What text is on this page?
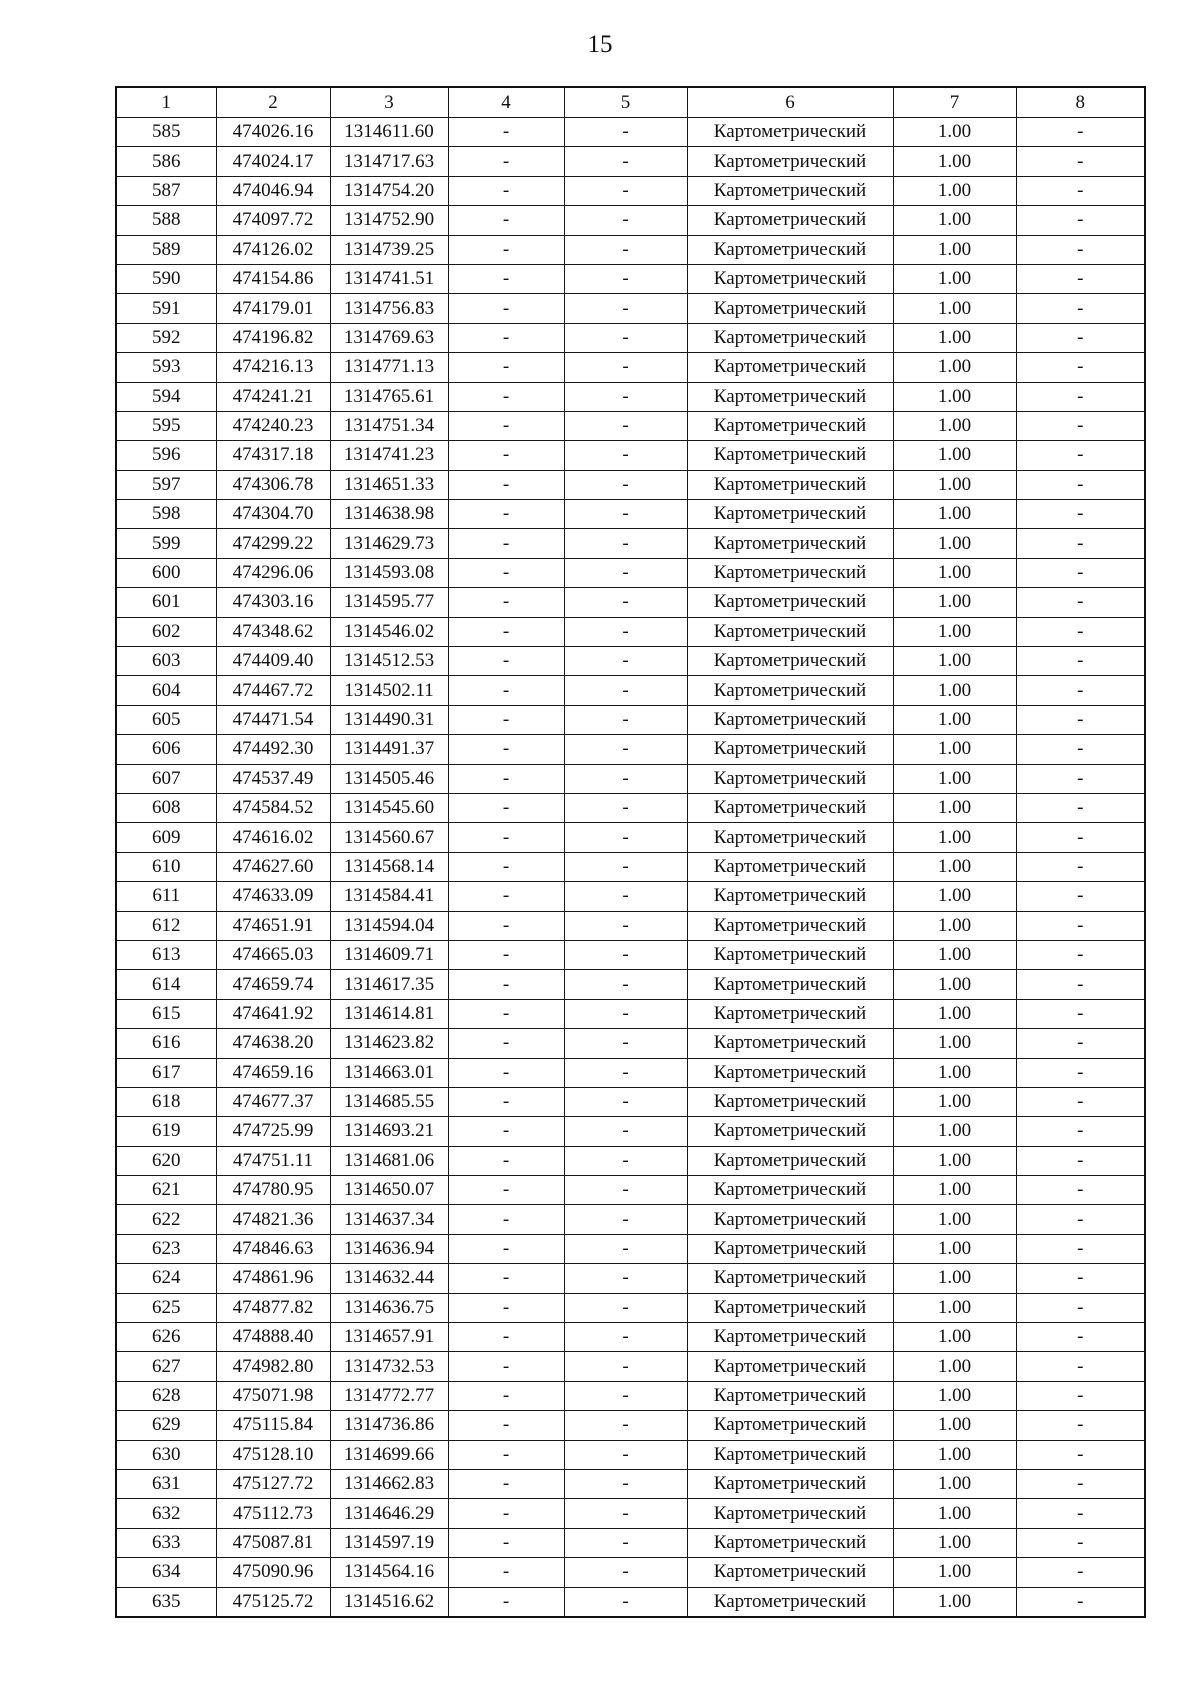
15
1	2	3	4	5	6	7	8
585	474026.16	1314611.60	-	-	Картометрический	1.00	-
586	474024.17	1314717.63	-	-	Картометрический	1.00	-
587	474046.94	1314754.20	-	-	Картометрический	1.00	-
588	474097.72	1314752.90	-	-	Картометрический	1.00	-
589	474126.02	1314739.25	-	-	Картометрический	1.00	-
590	474154.86	1314741.51	-	-	Картометрический	1.00	-
591	474179.01	1314756.83	-	-	Картометрический	1.00	-
592	474196.82	1314769.63	-	-	Картометрический	1.00	-
593	474216.13	1314771.13	-	-	Картометрический	1.00	-
594	474241.21	1314765.61	-	-	Картометрический	1.00	-
595	474240.23	1314751.34	-	-	Картометрический	1.00	-
596	474317.18	1314741.23	-	-	Картометрический	1.00	-
597	474306.78	1314651.33	-	-	Картометрический	1.00	-
598	474304.70	1314638.98	-	-	Картометрический	1.00	-
599	474299.22	1314629.73	-	-	Картометрический	1.00	-
600	474296.06	1314593.08	-	-	Картометрический	1.00	-
601	474303.16	1314595.77	-	-	Картометрический	1.00	-
602	474348.62	1314546.02	-	-	Картометрический	1.00	-
603	474409.40	1314512.53	-	-	Картометрический	1.00	-
604	474467.72	1314502.11	-	-	Картометрический	1.00	-
605	474471.54	1314490.31	-	-	Картометрический	1.00	-
606	474492.30	1314491.37	-	-	Картометрический	1.00	-
607	474537.49	1314505.46	-	-	Картометрический	1.00	-
608	474584.52	1314545.60	-	-	Картометрический	1.00	-
609	474616.02	1314560.67	-	-	Картометрический	1.00	-
610	474627.60	1314568.14	-	-	Картометрический	1.00	-
611	474633.09	1314584.41	-	-	Картометрический	1.00	-
612	474651.91	1314594.04	-	-	Картометрический	1.00	-
613	474665.03	1314609.71	-	-	Картометрический	1.00	-
614	474659.74	1314617.35	-	-	Картометрический	1.00	-
615	474641.92	1314614.81	-	-	Картометрический	1.00	-
616	474638.20	1314623.82	-	-	Картометрический	1.00	-
617	474659.16	1314663.01	-	-	Картометрический	1.00	-
618	474677.37	1314685.55	-	-	Картометрический	1.00	-
619	474725.99	1314693.21	-	-	Картометрический	1.00	-
620	474751.11	1314681.06	-	-	Картометрический	1.00	-
621	474780.95	1314650.07	-	-	Картометрический	1.00	-
622	474821.36	1314637.34	-	-	Картометрический	1.00	-
623	474846.63	1314636.94	-	-	Картометрический	1.00	-
624	474861.96	1314632.44	-	-	Картометрический	1.00	-
625	474877.82	1314636.75	-	-	Картометрический	1.00	-
626	474888.40	1314657.91	-	-	Картометрический	1.00	-
627	474982.80	1314732.53	-	-	Картометрический	1.00	-
628	475071.98	1314772.77	-	-	Картометрический	1.00	-
629	475115.84	1314736.86	-	-	Картометрический	1.00	-
630	475128.10	1314699.66	-	-	Картометрический	1.00	-
631	475127.72	1314662.83	-	-	Картометрический	1.00	-
632	475112.73	1314646.29	-	-	Картометрический	1.00	-
633	475087.81	1314597.19	-	-	Картометрический	1.00	-
634	475090.96	1314564.16	-	-	Картометрический	1.00	-
635	475125.72	1314516.62	-	-	Картометрический	1.00	-
